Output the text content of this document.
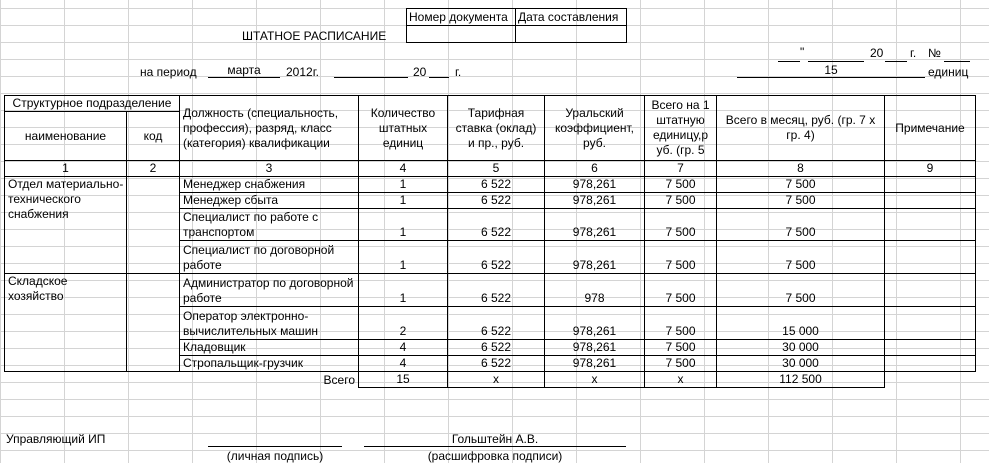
ШТАТНОЕ РАСПИСАНИЕ
Номер документа	Дата составления

"	20 г. №
15	единиц
на период	марта	2012г.	20 г.
Структурное подразделение		Должность (специальность, профессия), разряд, класс (категория) квалификации	Количество штатных единиц	Тарифная ставка (оклад) и пр., руб.	Уральский коэффициент, руб.	Всего на 1 штатную единицу,р уб. (гр. 5	Всего в месяц, руб. (гр. 7 х гр. 4)	Примечание
наименование	код							
1	2	3	4	5	6	7	8	9
Отдел материально-технического снабжения		Менеджер снабжения	1	6 522	978,261	7 500	7 500	
		Менеджер сбыта	1	6 522	978,261	7 500	7 500	
		Специалист по работе с транспортом	1	6 522	978,261	7 500	7 500	
		Специалист по договорной работе	1	6 522	978,261	7 500	7 500	
Складское хозяйство		Администратор по договорной работе	1	6 522	978	7 500	7 500	
		Оператор электронно-вычислительных машин	2	6 522	978,261	7 500	15 000	
		Кладовщик	4	6 522	978,261	7 500	30 000	
		Стропальщик-грузчик	4	6 522	978,261	7 500	30 000	
Всего			15	х	х	х	112 500	
Управляющий ИП
(личная подпись)
Гольштейн А.В.
(расшифровка подписи)
